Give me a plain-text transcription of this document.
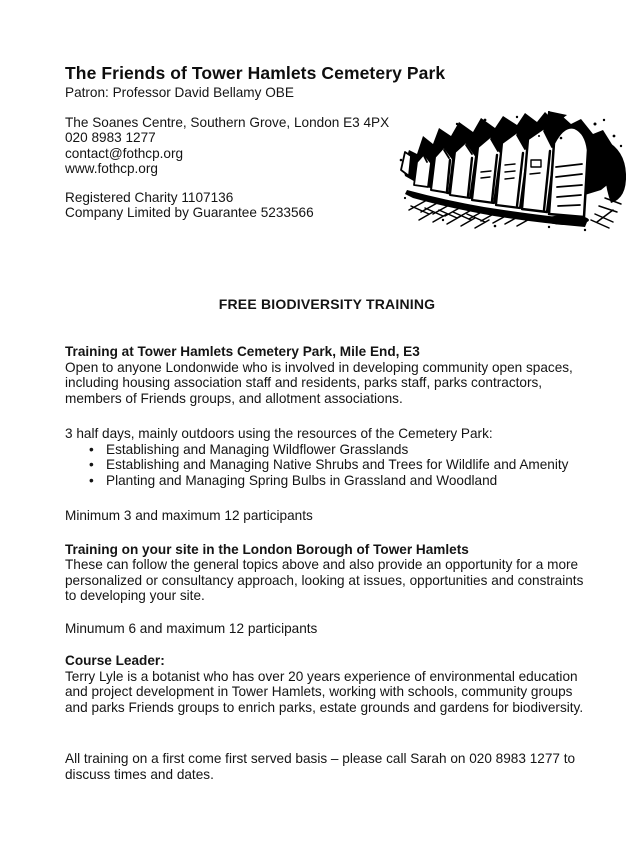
The Friends of Tower Hamlets Cemetery Park
Patron: Professor David Bellamy OBE
The Soanes Centre, Southern Grove, London E3 4PX
020 8983 1277
contact@fothcp.org
www.fothcp.org
Registered Charity 1107136
Company Limited by Guarantee 5233566
FREE BIODIVERSITY TRAINING

Training at Tower Hamlets Cemetery Park, Mile End, E3

Open to anyone Londonwide who is involved in developing community open spaces, including housing association staff and residents, parks staff, parks contractors, members of Friends groups, and allotment associations.

3 half days, mainly outdoors using the resources of the Cemetery Park:

• Establishing and Managing Wildflower Grasslands
• Establishing and Managing Native Shrubs and Trees for Wildlife and Amenity
• Planting and Managing Spring Bulbs in Grassland and Woodland

Minimum 3 and maximum 12 participants

Training on your site in the London Borough of Tower Hamlets

These can follow the general topics above and also provide an opportunity for a more personalized or consultancy approach, looking at issues, opportunities and constraints to developing your site.

Minumum 6 and maximum 12 participants

Course Leader:

Terry Lyle is a botanist who has over 20 years experience of environmental education and project development in Tower Hamlets, working with schools, community groups and parks Friends groups to enrich parks, estate grounds and gardens for biodiversity.

All training on a first come first served basis – please call Sarah on 020 8983 1277 to discuss times and dates.
